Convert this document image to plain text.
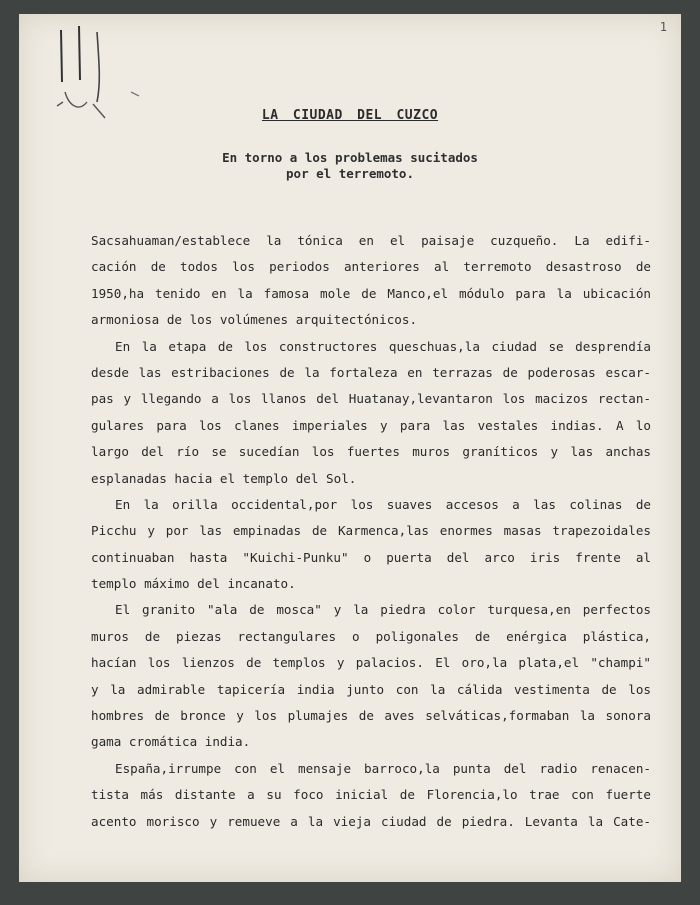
1
LA CIUDAD DEL CUZCO
En torno a los problemas sucitados
por el terremoto.
Sacsahuaman/establece la tónica en el paisaje cuzqueño. La edifi-
cación de todos los periodos anteriores al terremoto desastroso de
1950,ha tenido en la famosa mole de Manco,el módulo para la ubicación
armoniosa de los volúmenes arquitectónicos.
En la etapa de los constructores queschuas,la ciudad se desprendía
desde las estribaciones de la fortaleza en terrazas de poderosas escar-
pas y llegando a los llanos del Huatanay,levantaron los macizos rectan-
gulares para los clanes imperiales y para las vestales indias. A lo
largo del río se sucedían los fuertes muros graníticos y las anchas
esplanadas hacia el templo del Sol.
En la orilla occidental,por los suaves accesos a las colinas de
Picchu y por las empinadas de Karmenca,las enormes masas trapezoidales
continuaban hasta "Kuichi-Punku" o puerta del arco iris frente al
templo máximo del incanato.
El granito "ala de mosca" y la piedra color turquesa,en perfectos
muros de piezas rectangulares o poligonales de enérgica plástica,
hacían los lienzos de templos y palacios. El oro,la plata,el "champi"
y la admirable tapicería india junto con la cálida vestimenta de los
hombres de bronce y los plumajes de aves selváticas,formaban la sonora
gama cromática india.
España,irrumpe con el mensaje barroco,la punta del radio renacen-
tista más distante a su foco inicial de Florencia,lo trae con fuerte
acento morisco y remueve a la vieja ciudad de piedra. Levanta la Cate-
